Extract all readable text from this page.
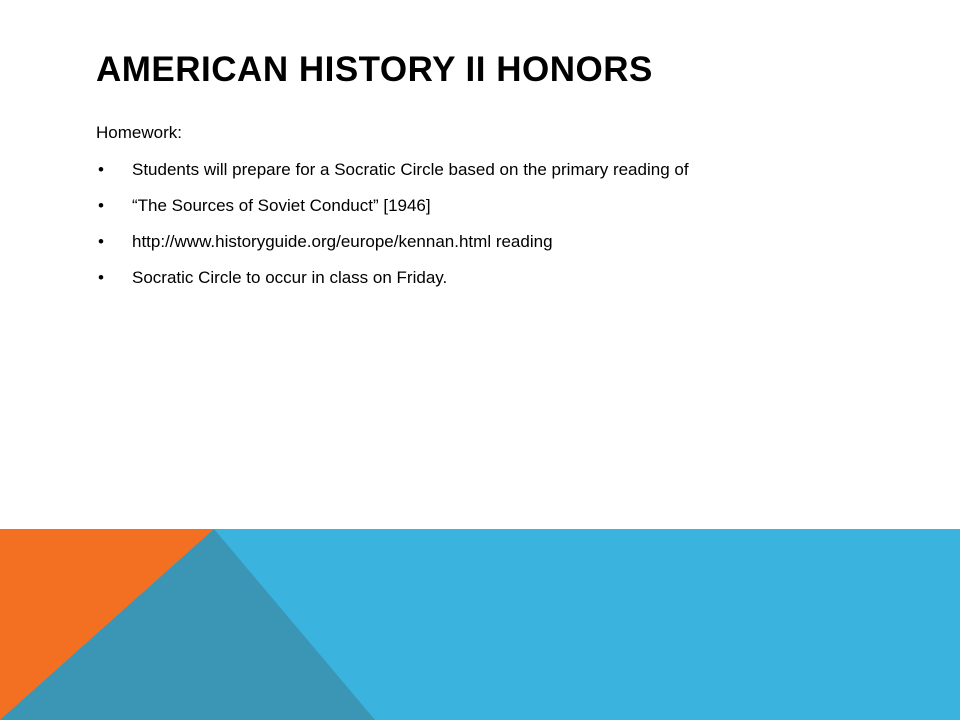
AMERICAN HISTORY II HONORS

Homework:

• Students will prepare for a Socratic Circle based on the primary reading of
• “The Sources of Soviet Conduct” [1946]
• http://www.historyguide.org/europe/kennan.html reading
• Socratic Circle to occur in class on Friday.
